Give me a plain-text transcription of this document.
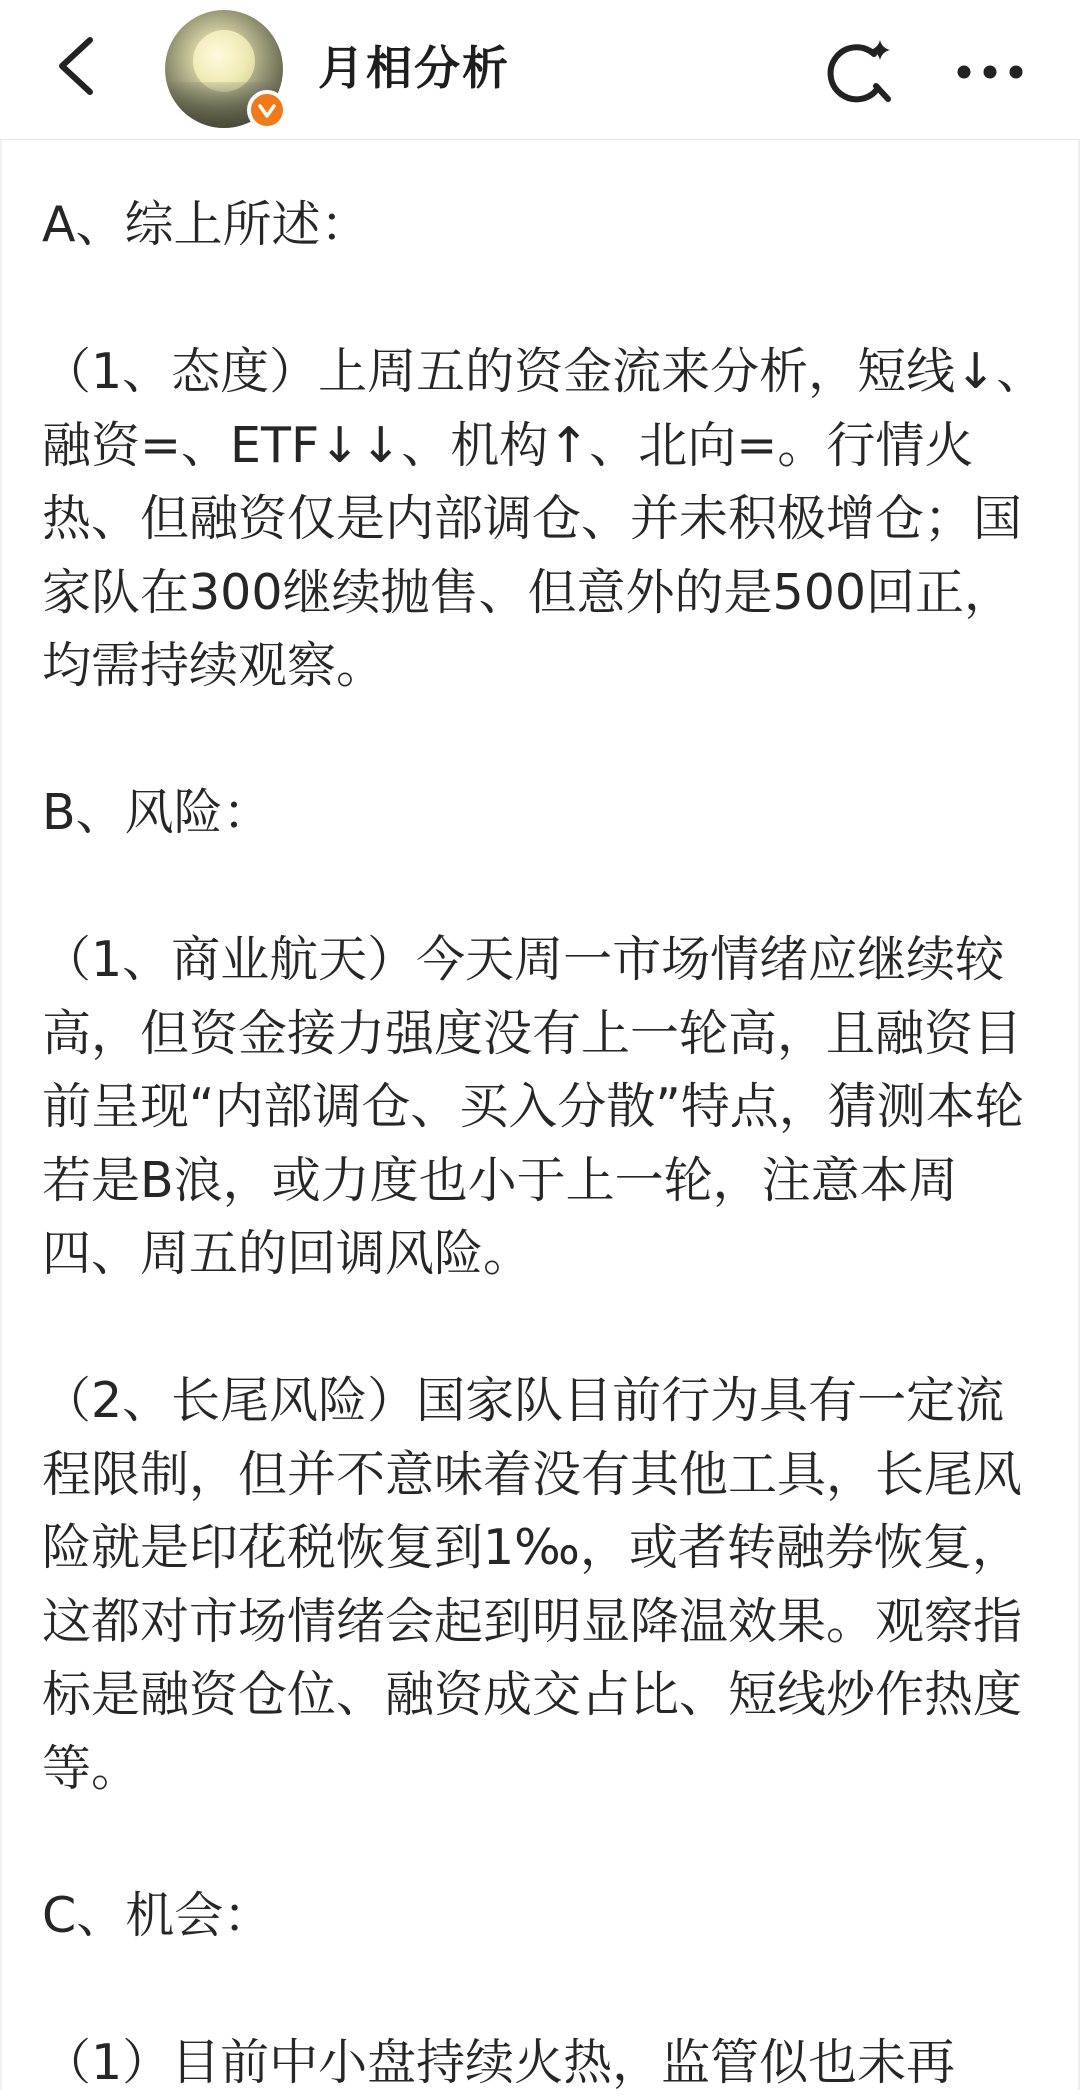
月相分析

A、综上所述：

（1、态度）上周五的资金流来分析，短线↓、融资=、ETF↓↓、机构↑、北向=。行情火热、但融资仅是内部调仓、并未积极增仓；国家队在300继续抛售、但意外的是500回正，均需持续观察。

B、风险：

（1、商业航天）今天周一市场情绪应继续较高，但资金接力强度没有上一轮高，且融资目前呈现“内部调仓、买入分散”特点，猜测本轮若是B浪，或力度也小于上一轮，注意本周四、周五的回调风险。

（2、长尾风险）国家队目前行为具有一定流程限制，但并不意味着没有其他工具，长尾风险就是印花税恢复到1‰，或者转融券恢复，这都对市场情绪会起到明显降温效果。观察指标是融资仓位、融资成交占比、短线炒作热度等。

C、机会：

（1）目前中小盘持续火热，监管似也未再
